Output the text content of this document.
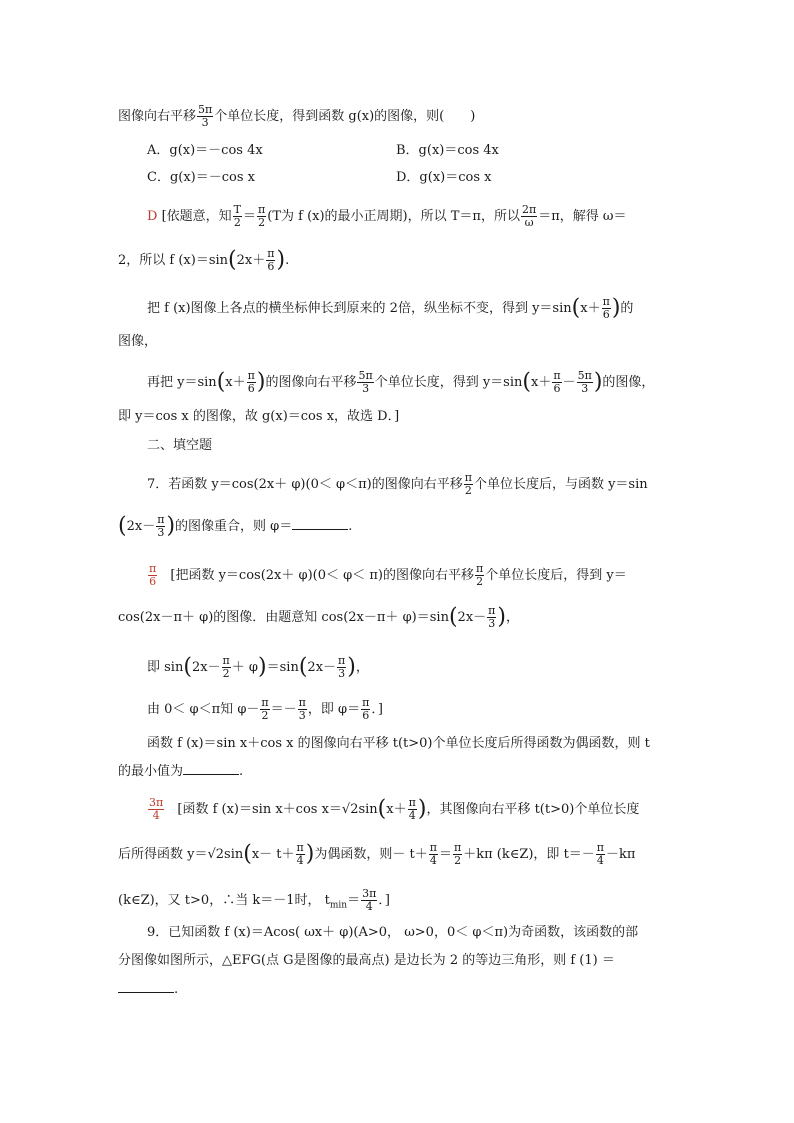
图像向右平移 $\frac{5\pi}{3}$ 个单位长度，得到函数 g(x)的图像，则(　　)
A．g(x)＝－cos 4x	B．g(x)＝cos 4x
C．g(x)＝－cos x	D．g(x)＝cos x
D [依题意，知 $\frac{T}{2} = \frac{\pi}{2} (T$为 f (x)的最小正周期)，所以 T＝π，所以 $\frac{2\pi}{\omega} =\pi$，解得 ω＝
2，所以 f $(x)=\sin(2x+ \frac{\pi}{6}$ ).
把 f (x)图像上各点的横坐标伸长到原来的 2倍，纵坐标不变，得到 $y=\sin(x+ \frac{\pi}{6}$ )的
图像，
再把 $y=\sin(x+ \frac{\pi}{6}$ )的图像向右平移 $\frac{5\pi}{3}$ 个单位长度，得到 $y=\sin(x+ \frac{\pi}{6} - \frac{5\pi}{3}$ )的图像，
即 y＝cos x 的图像，故 g(x)＝cos x，故选 D．]
二、填空题
7．若函数 y＝cos(2x＋ φ)(0＜ φ＜π)的图像向右平移 $\frac{\pi}{2}$ 个单位长度后，与函数 y＝sin
($2x- \frac{\pi}{3}$ )的图像重合，则 φ＝	.
$\frac{\pi}{6}$ [把函数 y＝cos(2x＋ φ)(0＜ φ＜ π)的图像向右平移 $\frac{\pi}{2}$ 个单位长度后，得到 y＝
cos(2x－π＋ φ)的图像．由题意知 $\cos(2x-\pi+ \varphi)=\sin(2x- \frac{\pi}{3}$ )，
即 $\sin(2x- \frac{\pi}{2} + \varphi)=\sin(2x- \frac{\pi}{3}$ )，
由 0＜ φ＜π知 $\varphi- \frac{\pi}{2} =- \frac{\pi}{3}$ ，即 $\varphi= \frac{\pi}{6}$ ．]
函数 f (x)＝sin x＋cos x 的图像向右平移 t(t>0)个单位长度后所得函数为偶函数，则 t
的最小值为	.
$\frac{3\pi}{4}$ [函数 f (x)＝sin x＋cos $x=√2\sin(x+ \frac{\pi}{4}$ )，其图像向右平移 t(t>0)个单位长度
后所得函数 $y=√2\sin(x- t+ \frac{\pi}{4}$ )为偶函数，则－ $t+ \frac{\pi}{4} = \frac{\pi}{2} +k\pi$ (k∈Z)，即 $t=- \frac{\pi}{4} -k\pi$
(k∈Z)，又 t>0，∴当 k＝－1时， $t_{min}= \frac{3\pi}{4}$ ．]
9．已知函数 f (x)＝Acos( ωx＋ φ)(A>0， ω>0，0＜ φ＜π)为奇函数，该函数的部
分图像如图所示，△EFG(点 G是图像的最高点) 是边长为 2 的等边三角形，则 f (1) ＝
.
